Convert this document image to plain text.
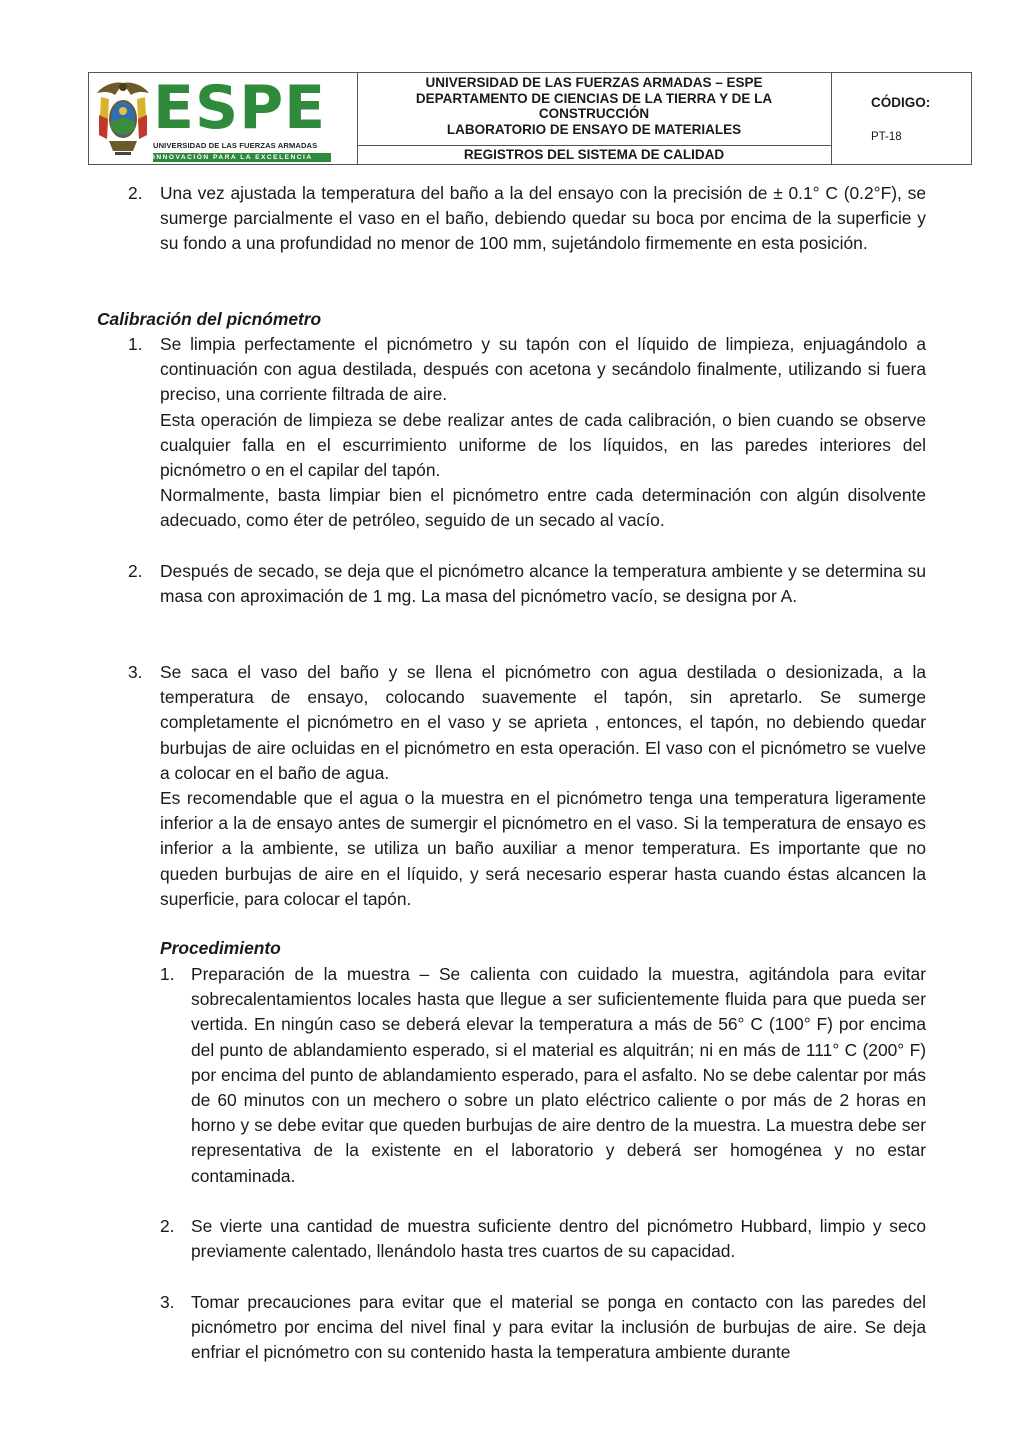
ESPE
UNIVERSIDAD DE LAS FUERZAS ARMADAS
INNOVACIÓN PARA LA EXCELENCIA
UNIVERSIDAD DE LAS FUERZAS ARMADAS – ESPE
DEPARTAMENTO DE CIENCIAS DE LA TIERRA Y DE LA
CONSTRUCCIÓN
LABORATORIO DE ENSAYO DE MATERIALES
REGISTROS DEL SISTEMA DE CALIDAD
CÓDIGO:
PT-18
2. Una vez ajustada la temperatura del baño a la del ensayo con la precisión de ± 0.1° C (0.2°F), se sumerge parcialmente el vaso en el baño, debiendo quedar su boca por encima de la superficie y su fondo a una profundidad no menor de 100 mm, sujetándolo firmemente en esta posición.
Calibración del picnómetro
1. Se limpia perfectamente el picnómetro y su tapón con el líquido de limpieza, enjuagándolo a continuación con agua destilada, después con acetona y secándolo finalmente, utilizando si fuera preciso, una corriente filtrada de aire.
Esta operación de limpieza se debe realizar antes de cada calibración, o bien cuando se observe cualquier falla en el escurrimiento uniforme de los líquidos, en las paredes interiores del picnómetro o en el capilar del tapón.
Normalmente, basta limpiar bien el picnómetro entre cada determinación con algún disolvente adecuado, como éter de petróleo, seguido de un secado al vacío.
2. Después de secado, se deja que el picnómetro alcance la temperatura ambiente y se determina su masa con aproximación de 1 mg. La masa del picnómetro vacío, se designa por A.
3. Se saca el vaso del baño y se llena el picnómetro con agua destilada o desionizada, a la temperatura de ensayo, colocando suavemente el tapón, sin apretarlo. Se sumerge completamente el picnómetro en el vaso y se aprieta , entonces, el tapón, no debiendo quedar burbujas de aire ocluidas en el picnómetro en esta operación. El vaso con el picnómetro se vuelve a colocar en el baño de agua.
Es recomendable que el agua o la muestra en el picnómetro tenga una temperatura ligeramente inferior a la de ensayo antes de sumergir el picnómetro en el vaso. Si la temperatura de ensayo es inferior a la ambiente, se utiliza un baño auxiliar a menor temperatura. Es importante que no queden burbujas de aire en el líquido, y será necesario esperar hasta cuando éstas alcancen la superficie, para colocar el tapón.
Procedimiento
1. Preparación de la muestra – Se calienta con cuidado la muestra, agitándola para evitar sobrecalentamientos locales hasta que llegue a ser suficientemente fluida para que pueda ser vertida. En ningún caso se deberá elevar la temperatura a más de 56° C (100° F) por encima del punto de ablandamiento esperado, si el material es alquitrán; ni en más de 111° C (200° F) por encima del punto de ablandamiento esperado, para el asfalto. No se debe calentar por más de 60 minutos con un mechero o sobre un plato eléctrico caliente o por más de 2 horas en horno y se debe evitar que queden burbujas de aire dentro de la muestra. La muestra debe ser representativa de la existente en el laboratorio y deberá ser homogénea y no estar contaminada.
2. Se vierte una cantidad de muestra suficiente dentro del picnómetro Hubbard, limpio y seco previamente calentado, llenándolo hasta tres cuartos de su capacidad.
3. Tomar precauciones para evitar que el material se ponga en contacto con las paredes del picnómetro por encima del nivel final y para evitar la inclusión de burbujas de aire. Se deja enfriar el picnómetro con su contenido hasta la temperatura ambiente durante
